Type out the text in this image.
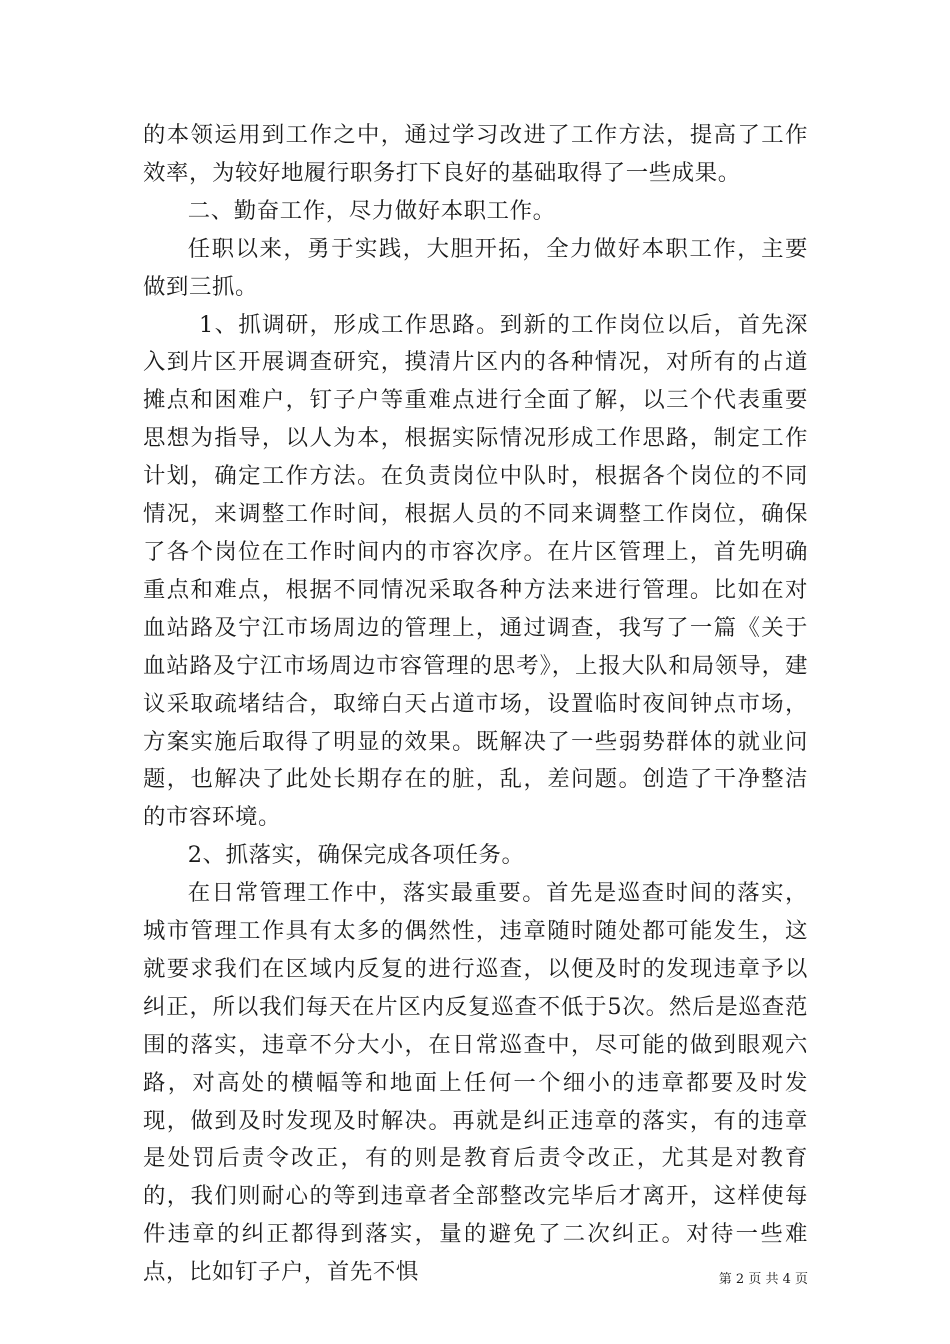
的本领运用到工作之中，通过学习改进了工作方法，提高了工作效率，为较好地履行职务打下良好的基础取得了一些成果。

二、勤奋工作，尽力做好本职工作。

任职以来，勇于实践，大胆开拓，全力做好本职工作，主要做到三抓。

1、抓调研，形成工作思路。到新的工作岗位以后，首先深入到片区开展调查研究，摸清片区内的各种情况，对所有的占道摊点和困难户，钉子户等重难点进行全面了解，以三个代表重要思想为指导，以人为本，根据实际情况形成工作思路，制定工作计划，确定工作方法。在负责岗位中队时，根据各个岗位的不同情况，来调整工作时间，根据人员的不同来调整工作岗位，确保了各个岗位在工作时间内的市容次序。在片区管理上，首先明确重点和难点，根据不同情况采取各种方法来进行管理。比如在对血站路及宁江市场周边的管理上，通过调查，我写了一篇《关于血站路及宁江市场周边市容管理的思考》，上报大队和局领导，建议采取疏堵结合，取缔白天占道市场，设置临时夜间钟点市场，方案实施后取得了明显的效果。既解决了一些弱势群体的就业问题，也解决了此处长期存在的脏，乱，差问题。创造了干净整洁的市容环境。

2、抓落实，确保完成各项任务。

在日常管理工作中，落实最重要。首先是巡查时间的落实，城市管理工作具有太多的偶然性，违章随时随处都可能发生，这就要求我们在区域内反复的进行巡查，以便及时的发现违章予以纠正，所以我们每天在片区内反复巡查不低于5次。然后是巡查范围的落实，违章不分大小，在日常巡查中，尽可能的做到眼观六路，对高处的横幅等和地面上任何一个细小的违章都要及时发现，做到及时发现及时解决。再就是纠正违章的落实，有的违章是处罚后责令改正，有的则是教育后责令改正，尤其是对教育的，我们则耐心的等到违章者全部整改完毕后才离开，这样使每件违章的纠正都得到落实，量的避免了二次纠正。对待一些难点，比如钉子户，首先不惧	第 2 页 共 4 页
